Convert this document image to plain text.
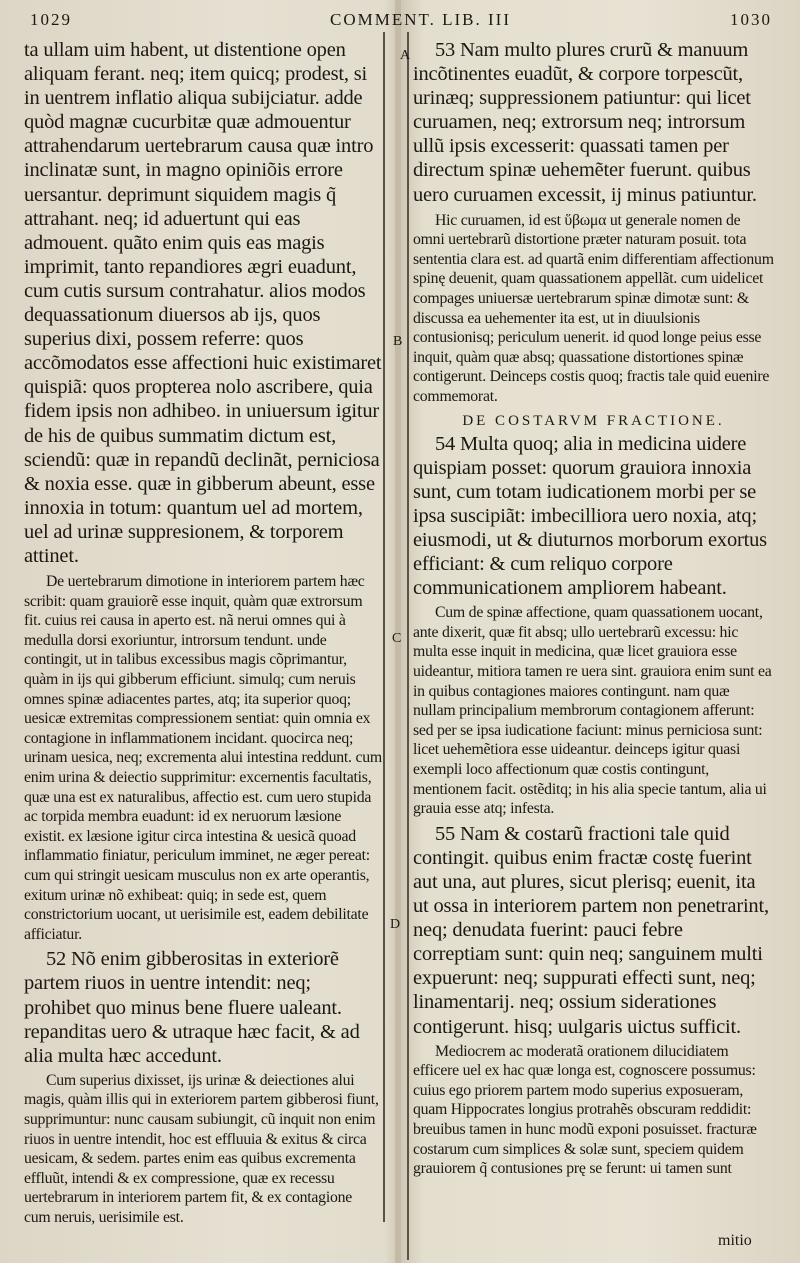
1029	COMMENT. LIB. III	1030
A
B
C
D

ta ullam uim habent, ut distentione open aliquam ferant. neq; item quicq; prodest, si in uentrem inflatio aliqua subijciatur. adde quòd magnæ cucurbitæ quæ admouentur attrahendarum uertebrarum causa quæ intro inclinatæ sunt, in magno opiniõis errore uersantur. deprimunt siquidem magis q̃ attrahant. neq; id aduertunt qui eas admouent. quãto enim quis eas magis imprimit, tanto repandiores ægri euadunt, cum cutis sursum contrahatur. alios modos dequassationum diuersos ab ijs, quos superius dixi, possem referre: quos accõmodatos esse affectioni huic existimaret quispiã: quos propterea nolo ascribere, quia fidem ipsis non adhibeo. in uniuersum igitur de his de quibus summatim dictum est, sciendũ: quæ in repandũ declinãt, perniciosa & noxia esse. quæ in gibberum abeunt, esse innoxia in totum: quantum uel ad mortem, uel ad urinæ suppresionem, & torporem attinet.

De uertebrarum dimotione in interiorem partem hæc scribit: quam grauiorẽ esse inquit, quàm quæ extrorsum fit. cuius rei causa in aperto est. nã nerui omnes qui à medulla dorsi exoriuntur, introrsum tendunt. unde contingit, ut in talibus excessibus magis cõprimantur, quàm in ijs qui gibberum efficiunt. simulq; cum neruis omnes spinæ adiacentes partes, atq; ita superior quoq; uesicæ extremitas compressionem sentiat: quin omnia ex contagione in inflammationem incidant. quocirca neq; urinam uesica, neq; excrementa alui intestina reddunt. cum enim urina & deiectio supprimitur: excernentis facultatis, quæ una est ex naturalibus, affectio est. cum uero stupida ac torpida membra euadunt: id ex neruorum læsione existit. ex læsione igitur circa intestina & uesicã quoad inflammatio finiatur, periculum imminet, ne æger pereat: cum qui stringit uesicam musculus non ex arte operantis, exitum urinæ nõ exhibeat: quiq; in sede est, quem constrictorium uocant, ut uerisimile est, eadem debilitate afficiatur.

52 Nõ enim gibberositas in exteriorẽ partem riuos in uentre intendit: neq; prohibet quo minus bene fluere ualeant. repanditas uero & utraque hæc facit, & ad alia multa hæc accedunt.

Cum superius dixisset, ijs urinæ & deiectiones alui magis, quàm illis qui in exteriorem partem gibberosi fiunt, supprimuntur: nunc causam subiungit, cũ inquit non enim riuos in uentre intendit, hoc est effluuia & exitus & circa uesicam, & sedem. partes enim eas quibus excrementa effluũt, intendi & ex compressione, quæ ex recessu uertebrarum in interiorem partem fit, & ex contagione cum neruis, uerisimile est.

53 Nam multo plures crurũ & manuum incõtinentes euadũt, & corpore torpescũt, urinæq; suppressionem patiuntur: qui licet curuamen, neq; extrorsum neq; introrsum ullũ ipsis excesserit: quassati tamen per directum spinæ uehemẽter fuerunt. quibus uero curuamen excessit, ij minus patiuntur.

Hic curuamen, id est ὕβωμα ut generale nomen de omni uertebrarũ distortione præter naturam posuit. tota sententia clara est. ad quartã enim differentiam affectionum spinę deuenit, quam quassationem appellãt. cum uidelicet compages uniuersæ uertebrarum spinæ dimotæ sunt: & discussa ea uehementer ita est, ut in diuulsionis contusionisq; periculum uenerit. id quod longe peius esse inquit, quàm quæ absq; quassatione distortiones spinæ contigerunt. Deinceps costis quoq; fractis tale quid euenire commemorat.

DE COSTARVM FRACTIONE.

54 Multa quoq; alia in medicina uidere quispiam posset: quorum grauiora innoxia sunt, cum totam iudicationem morbi per se ipsa suscipiãt: imbecilliora uero noxia, atq; eiusmodi, ut & diuturnos morborum exortus efficiant: & cum reliquo corpore communicationem ampliorem habeant.

Cum de spinæ affectione, quam quassationem uocant, ante dixerit, quæ fit absq; ullo uertebrarũ excessu: hic multa esse inquit in medicina, quæ licet grauiora esse uideantur, mitiora tamen re uera sint. grauiora enim sunt ea in quibus contagiones maiores contingunt. nam quæ nullam principalium membrorum contagionem afferunt: sed per se ipsa iudicatione faciunt: minus perniciosa sunt: licet uehemẽtiora esse uideantur. deinceps igitur quasi exempli loco affectionum quæ costis contingunt, mentionem facit. ostẽditq; in his alia specie tantum, alia ui grauia esse atq; infesta.

55 Nam & costarũ fractioni tale quid contingit. quibus enim fractæ costę fuerint aut una, aut plures, sicut plerisq; euenit, ita ut ossa in interiorem partem non penetrarint, neq; denudata fuerint: pauci febre correptiam sunt: quin neq; sanguinem multi expuerunt: neq; suppurati effecti sunt, neq; linamentarij. neq; ossium siderationes contigerunt. hisq; uulgaris uictus sufficit.

Mediocrem ac moderatã orationem dilucidiatem efficere uel ex hac quæ longa est, cognoscere possumus: cuius ego priorem partem modo superius exposueram, quam Hippocrates longius protrahẽs obscuram reddidit: breuibus tamen in hunc modũ exponi posuisset. fracturæ costarum cum simplices & solæ sunt, speciem quidem grauiorem q̃ contusiones prę se ferunt: ui tamen sunt

mitio
